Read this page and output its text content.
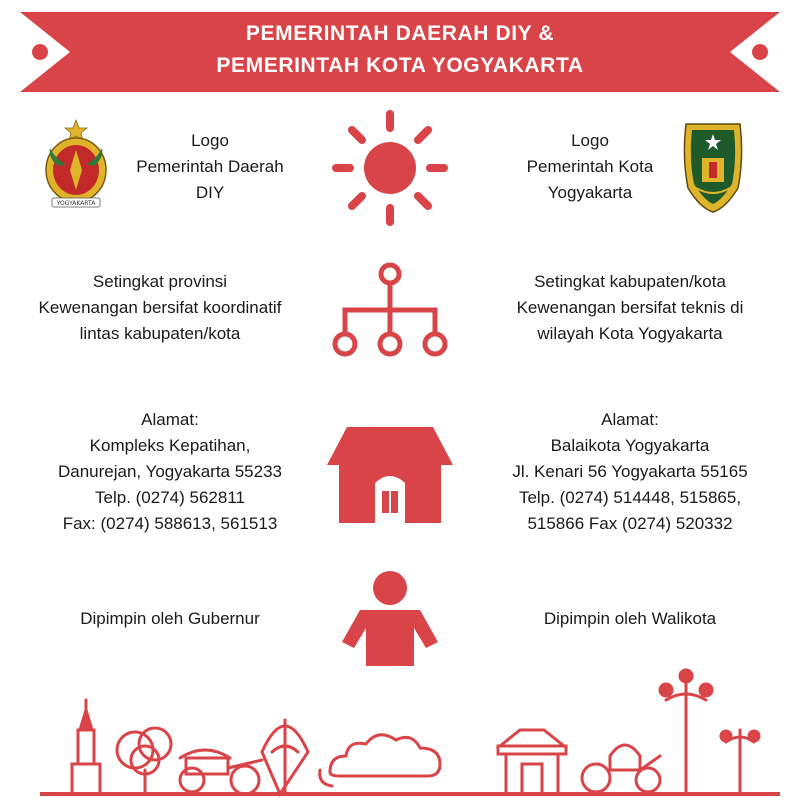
PEMERINTAH DAERAH DIY &
PEMERINTAH KOTA YOGYAKARTA
YOGYAKARTA
Logo
Pemerintah Daerah
DIY
Logo
Pemerintah Kota
Yogyakarta
Setingkat provinsi
Kewenangan bersifat koordinatif
lintas kabupaten/kota
Setingkat kabupaten/kota
Kewenangan bersifat teknis di
wilayah Kota Yogyakarta
Alamat:
Kompleks Kepatihan,
Danurejan, Yogyakarta 55233
Telp. (0274) 562811
Fax: (0274) 588613, 561513
Alamat:
Balaikota Yogyakarta
Jl. Kenari 56 Yogyakarta 55165
Telp. (0274) 514448, 515865,
515866 Fax (0274) 520332
Dipimpin oleh Gubernur	Dipimpin oleh Walikota
